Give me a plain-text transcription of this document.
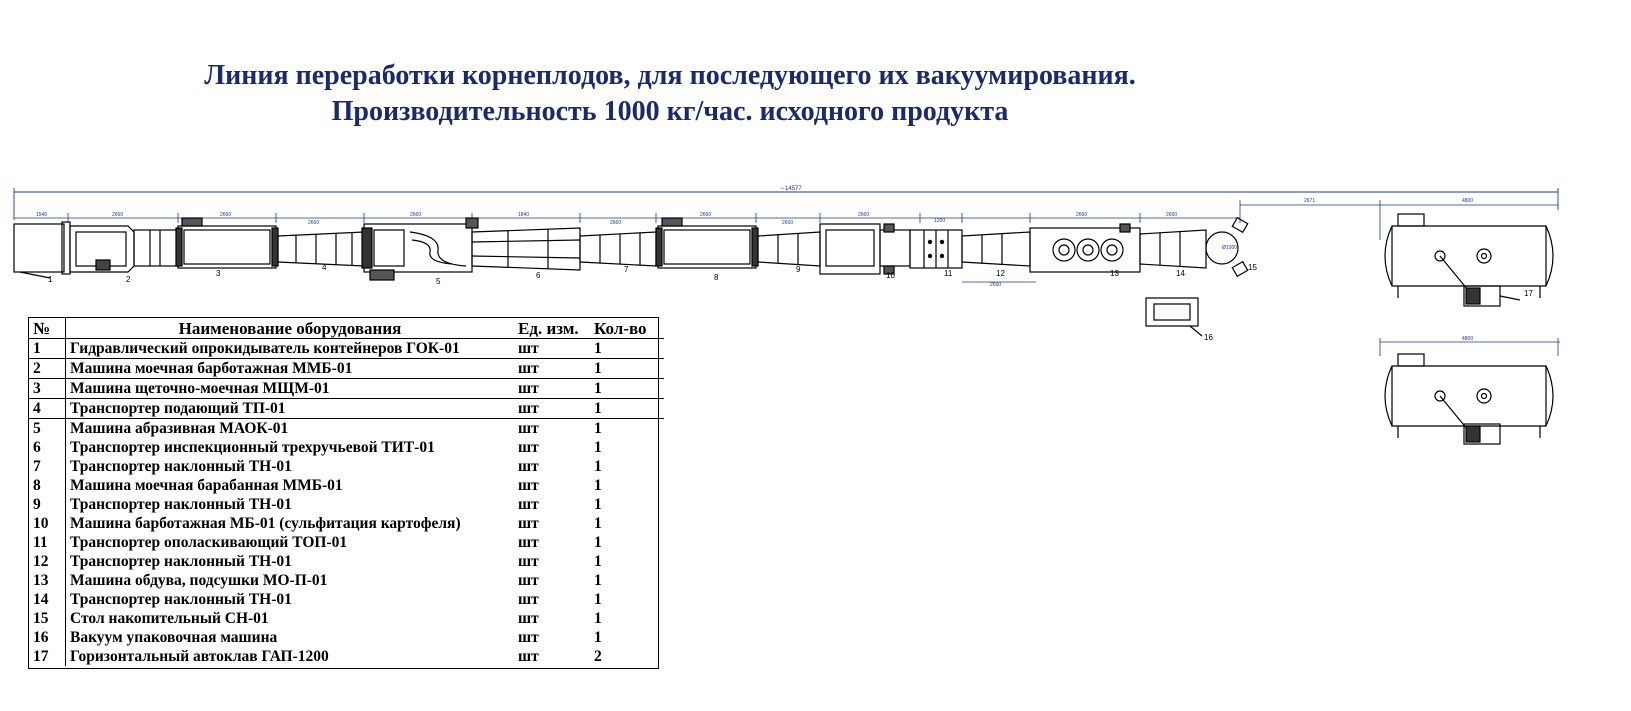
Линия переработки корнеплодов, для последующего их вакуумирования.
Производительность 1000 кг/час. исходного продукта
∼14577
Ø1000
1540	2660	2660
2660
2660	1840
2660
2660
2660
2660
1200
2660
2660	2660
2671	4800
1	2
3
4
5
6
7
8
9
10	11	12	13	14
15
16
17
4800
№	Наименование оборудования	Ед. изм.	Кол-во
1	Гидравлический опрокидыватель контейнеров ГОК-01	шт	1
2	Машина моечная барботажная ММБ-01	шт	1
3	Машина щеточно-моечная МЩМ-01	шт	1
4	Транспортер подающий ТП-01	шт	1
5	Машина абразивная МАОК-01	шт	1
6	Транспортер инспекционный трехручьевой ТИТ-01	шт	1
7	Транспортер наклонный ТН-01	шт	1
8	Машина моечная барабанная ММБ-01	шт	1
9	Транспортер наклонный ТН-01	шт	1
10	Машина барботажная МБ-01 (сульфитация картофеля)	шт	1
11	Транспортер ополаскивающий ТОП-01	шт	1
12	Транспортер наклонный ТН-01	шт	1
13	Машина обдува, подсушки МО-П-01	шт	1
14	Транспортер наклонный ТН-01	шт	1
15	Стол накопительный СН-01	шт	1
16	Вакуум упаковочная машина	шт	1
17	Горизонтальный автоклав ГАП-1200	шт	2
